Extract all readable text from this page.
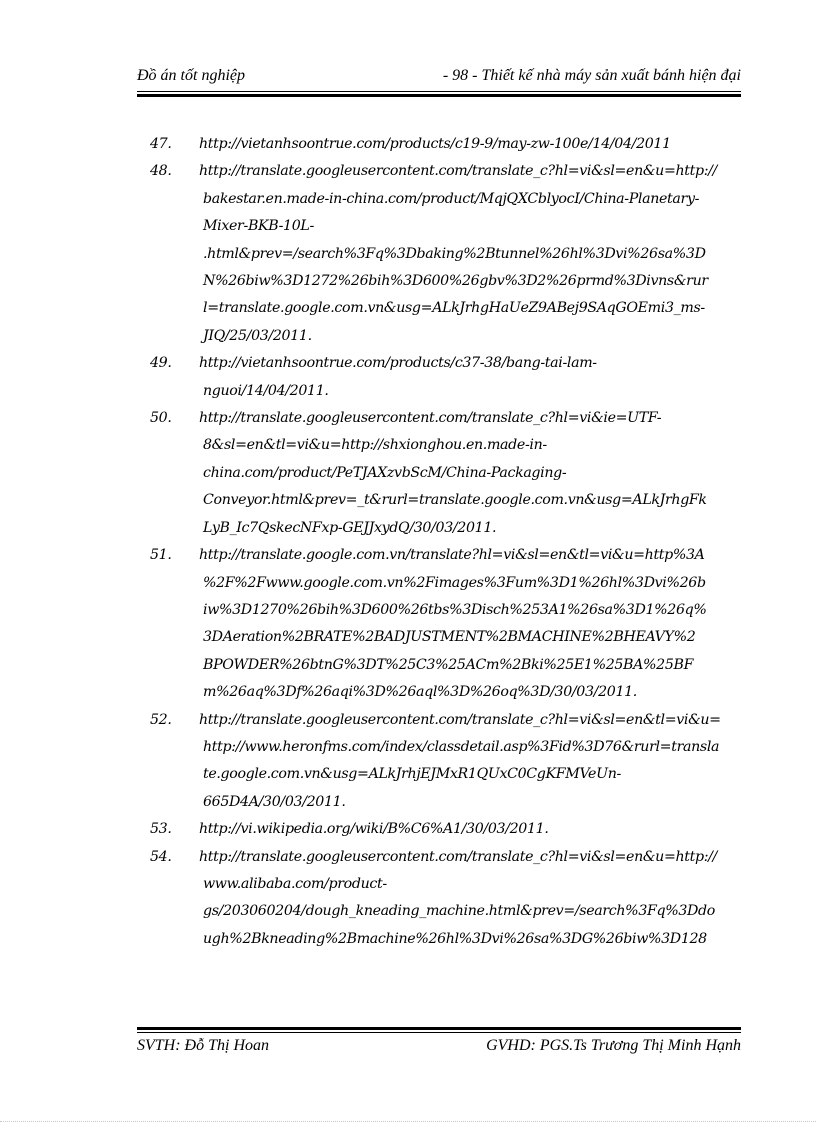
Đồ án tốt nghiệp	- 98 - Thiết kế nhà máy sản xuất bánh hiện đại
47. http://vietanhsoontrue.com/products/c19-9/may-zw-100e/14/04/2011
48. http://translate.googleusercontent.com/translate_c?hl=vi&sl=en&u=http://
bakestar.en.made-in-china.com/product/MqjQXCblyocI/China-Planetary-
Mixer-BKB-10L-
.html&prev=/search%3Fq%3Dbaking%2Btunnel%26hl%3Dvi%26sa%3D
N%26biw%3D1272%26bih%3D600%26gbv%3D2%26prmd%3Divns&rur
l=translate.google.com.vn&usg=ALkJrhgHaUeZ9ABej9SAqGOEmi3_ms-
JIQ/25/03/2011.
49. http://vietanhsoontrue.com/products/c37-38/bang-tai-lam-
nguoi/14/04/2011.
50. http://translate.googleusercontent.com/translate_c?hl=vi&ie=UTF-
8&sl=en&tl=vi&u=http://shxionghou.en.made-in-
china.com/product/PeTJAXzvbScM/China-Packaging-
Conveyor.html&prev=_t&rurl=translate.google.com.vn&usg=ALkJrhgFk
LyB_Ic7QskecNFxp-GEJJxydQ/30/03/2011.
51. http://translate.google.com.vn/translate?hl=vi&sl=en&tl=vi&u=http%3A
%2F%2Fwww.google.com.vn%2Fimages%3Fum%3D1%26hl%3Dvi%26b
iw%3D1270%26bih%3D600%26tbs%3Disch%253A1%26sa%3D1%26q%
3DAeration%2BRATE%2BADJUSTMENT%2BMACHINE%2BHEAVY%2
BPOWDER%26btnG%3DT%25C3%25ACm%2Bki%25E1%25BA%25BF
m%26aq%3Df%26aqi%3D%26aql%3D%26oq%3D/30/03/2011.
52. http://translate.googleusercontent.com/translate_c?hl=vi&sl=en&tl=vi&u=
http://www.heronfms.com/index/classdetail.asp%3Fid%3D76&rurl=transla
te.google.com.vn&usg=ALkJrhjEJMxR1QUxC0CgKFMVeUn-
665D4A/30/03/2011.
53. http://vi.wikipedia.org/wiki/B%C6%A1/30/03/2011.
54. http://translate.googleusercontent.com/translate_c?hl=vi&sl=en&u=http://
www.alibaba.com/product-
gs/203060204/dough_kneading_machine.html&prev=/search%3Fq%3Ddo
ugh%2Bkneading%2Bmachine%26hl%3Dvi%26sa%3DG%26biw%3D128
SVTH: Đỗ Thị Hoan	GVHD: PGS.Ts Trương Thị Minh Hạnh
